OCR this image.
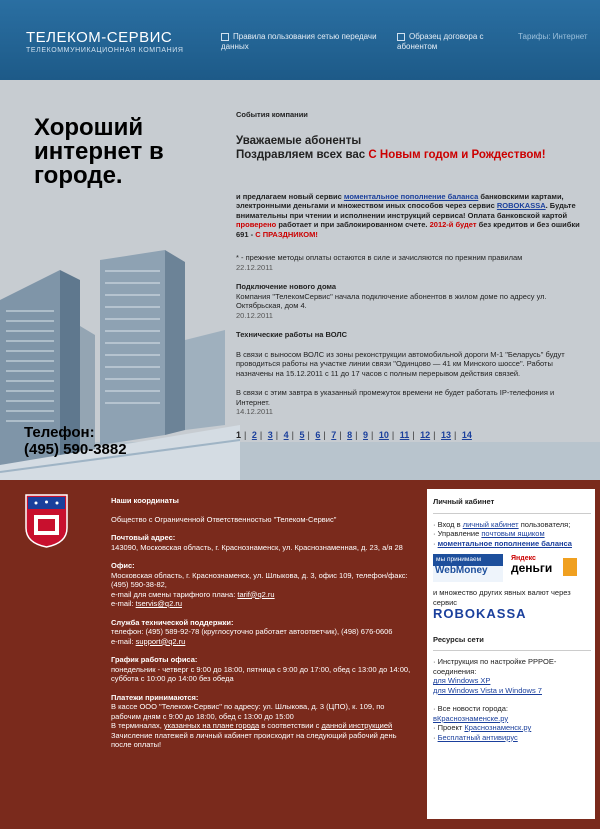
ТЕЛЕКОМ-СЕРВИС
ТЕЛЕКОММУНИКАЦИОННАЯ КОМПАНИЯ
Правила пользования сетью передачи данных
Образец договора с абонентом
Тарифы: Интернет
Хороший интернет в городе.
Телефон:
(495) 590-3882
События компании
Уважаемые абоненты
Поздравляем всех вас С Новым годом и Рождеством!
и предлагаем новый сервис моментальное пополнение баланса банковскими картами, электронными деньгами и множеством иных способов через сервис ROBOKASSA. Будьте внимательны при чтении и исполнении инструкций сервиса! Оплата банковской картой проверено работает и при заблокированном счете. 2012-й будет без кредитов и без ошибки 691 - С ПРАЗДНИКОМ!
* - прежние методы оплаты остаются в силе и зачисляются по прежним правилам
22.12.2011
Подключение нового дома
Компания "ТелекомСервис" начала подключение абонентов в жилом доме по адресу ул. Октябрьская, дом 4.
20.12.2011
Технические работы на ВОЛС
В связи с выносом ВОЛС из зоны реконструкции автомобильной дороги М-1 "Беларусь" будут проводиться работы на участке линии связи "Одинцово — 41 км Минского шоссе". Работы назначены на 15.12.2011 с 11 до 17 часов с полным перерывом действия связей.
В связи с этим завтра в указанный промежуток времени не будет работать IP-телефония и Интернет.
14.12.2011
1 | 2 | 3 | 4 | 5 | 6 | 7 | 8 | 9 | 10 | 11 | 12 | 13 | 14
Наши координаты
Общество с Ограниченной Ответственностью "Телеком-Сервис"
Почтовый адрес:
143090, Московская область, г. Краснознаменск, ул. Краснознаменная, д. 23, а/я 28
Офис:
Московская область, г. Краснознаменск, ул. Шлыкова, д. 3, офис 109, телефон/факс: (495) 590-38-82,
e-mail для смены тарифного плана: tarif@q2.ru
e-mail: tservis@q2.ru
Служба технической поддержки:
телефон: (495) 589-92-78 (круглосуточно работает автоответчик), (498) 676-0606
e-mail: support@q2.ru
График работы офиса:
понедельник - четверг с 9:00 до 18:00, пятница с 9:00 до 17:00, обед с 13:00 до 14:00,
суббота с 10:00 до 14:00 без обеда
Платежи принимаются:
В кассе ООО "Телеком-Сервис" по адресу: ул. Шлыкова, д. 3 (ЦПО), к. 109, по рабочим дням с 9:00 до 18:00, обед с 13:00 до 15:00
В терминалах, указанных на плане города в соответствии с данной инструкцией
Зачисление платежей в личный кабинет происходит на следующий рабочий день после оплаты!
Личный кабинет
· Вход в личный кабинет пользователя;
· Управление почтовым ящиком
· моментальное пополнение баланса
мы принимаем
WebMoney
Яндекс
деньги
и множество других явных валют через сервис
ROBOKASSA
Ресурсы сети
· Инструкция по настройке PPPOE-соединения:
для Windows XP
для Windows Vista и Windows 7
· Все новости города:
вКраснознаменске.ру
· Проект Краснознаменск.ру
· Бесплатный антивирус
